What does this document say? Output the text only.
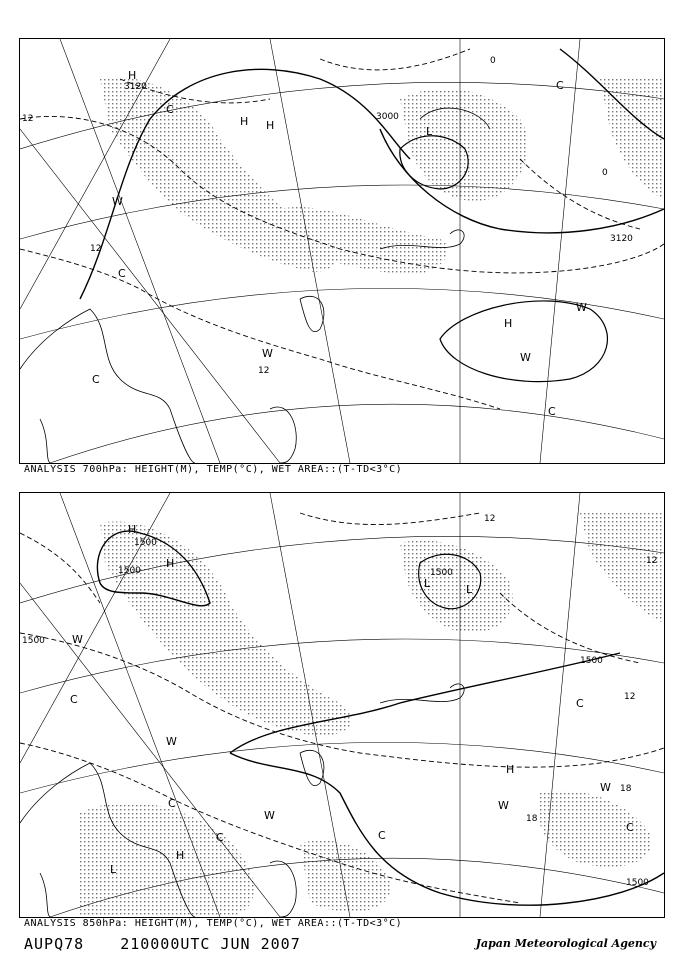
3120
3000
3120
12
12
12
0
0
H
H H	L
H
C
C
W
W	W
W
C
C
C
ANALYSIS 700hPa: HEIGHT(M), TEMP(°C), WET AREA::(T-TD<3°C)
1500
1500
1500
1500
1500
1500
12
12
12
18
18
H
H
L
L
W
W
W
C
C
C	C
W
H
W
H
L
C
C
ANALYSIS 850hPa: HEIGHT(M), TEMP(°C), WET AREA::(T-TD<3°C)
AUPQ78 210000UTC JUN 2007	Japan Meteorological Agency
